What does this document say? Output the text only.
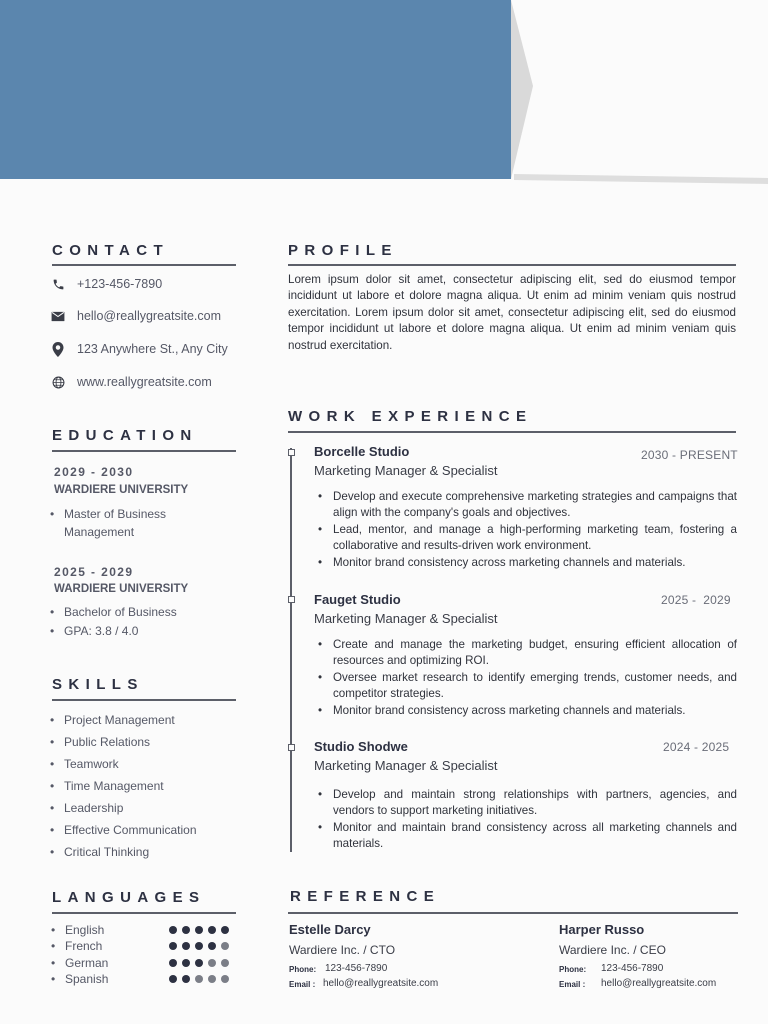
CONTACT
+123-456-7890
hello@reallygreatsite.com
123 Anywhere St., Any City
www.reallygreatsite.com
EDUCATION
2029 - 2030
WARDIERE UNIVERSITY
• Master of Business Management
2025 - 2029
WARDIERE UNIVERSITY
• Bachelor of Business
• GPA: 3.8 / 4.0
SKILLS
• Project Management
• Public Relations
• Teamwork
• Time Management
• Leadership
• Effective Communication
• Critical Thinking
LANGUAGES
• English
• French
• German
• Spanish
PROFILE
Lorem ipsum dolor sit amet, consectetur adipiscing elit, sed do eiusmod tempor incididunt ut labore et dolore magna aliqua. Ut enim ad minim veniam quis nostrud exercitation. Lorem ipsum dolor sit amet, consectetur adipiscing elit, sed do eiusmod tempor incididunt ut labore et dolore magna aliqua. Ut enim ad minim veniam quis nostrud exercitation.
WORK EXPERIENCE
Borcelle Studio	2030 - PRESENT
Marketing Manager & Specialist
• Develop and execute comprehensive marketing strategies and campaigns that align with the company's goals and objectives.
• Lead, mentor, and manage a high-performing marketing team, fostering a collaborative and results-driven work environment.
• Monitor brand consistency across marketing channels and materials.
Fauget Studio	2025 -  2029
Marketing Manager & Specialist
• Create and manage the marketing budget, ensuring efficient allocation of resources and optimizing ROI.
• Oversee market research to identify emerging trends, customer needs, and competitor strategies.
• Monitor brand consistency across marketing channels and materials.
Studio Shodwe	2024 - 2025
Marketing Manager & Specialist
• Develop and maintain strong relationships with partners, agencies, and vendors to support marketing initiatives.
• Monitor and maintain brand consistency across all marketing channels and materials.
REFERENCE
Estelle Darcy
Wardiere Inc. / CTO
Phone: 123-456-7890
Email : hello@reallygreatsite.com
Harper Russo
Wardiere Inc. / CEO
Phone: 123-456-7890
Email : hello@reallygreatsite.com
